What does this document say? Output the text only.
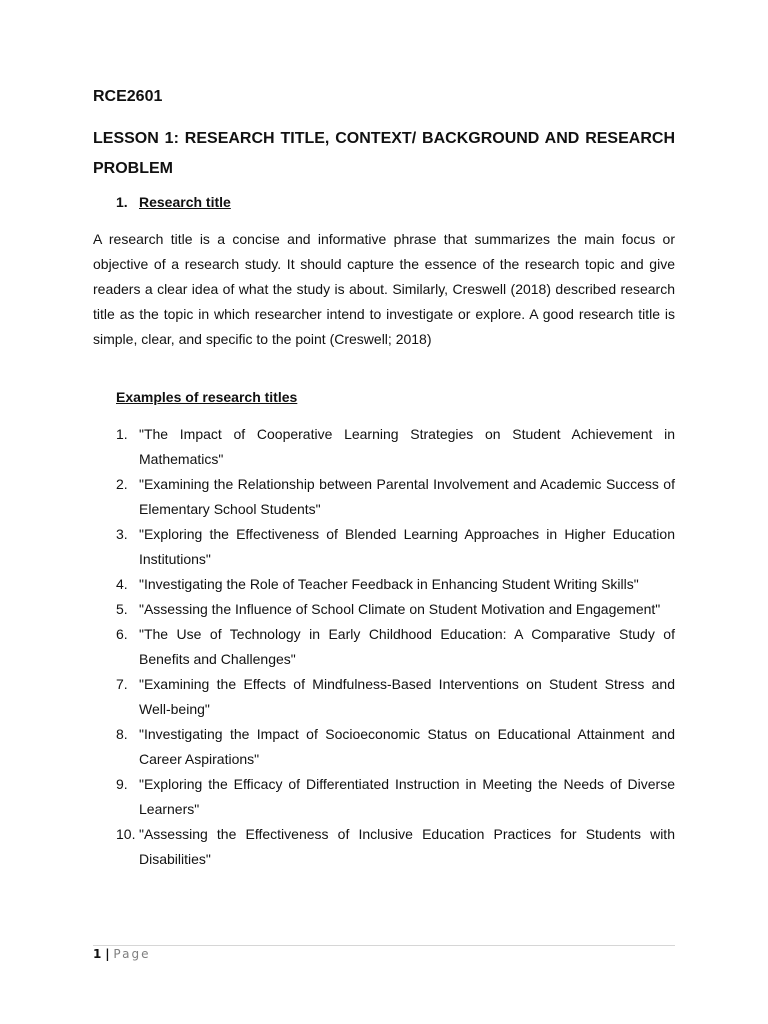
RCE2601
LESSON 1: RESEARCH TITLE, CONTEXT/ BACKGROUND AND RESEARCH PROBLEM
1. Research title

A research title is a concise and informative phrase that summarizes the main focus or objective of a research study. It should capture the essence of the research topic and give readers a clear idea of what the study is about. Similarly, Creswell (2018) described research title as the topic in which researcher intend to investigate or explore. A good research title is simple, clear, and specific to the point (Creswell; 2018)

Examples of research titles
1. "The Impact of Cooperative Learning Strategies on Student Achievement in Mathematics"
2. "Examining the Relationship between Parental Involvement and Academic Success of Elementary School Students"
3. "Exploring the Effectiveness of Blended Learning Approaches in Higher Education Institutions"
4. "Investigating the Role of Teacher Feedback in Enhancing Student Writing Skills"
5. "Assessing the Influence of School Climate on Student Motivation and Engagement"
6. "The Use of Technology in Early Childhood Education: A Comparative Study of Benefits and Challenges"
7. "Examining the Effects of Mindfulness-Based Interventions on Student Stress and Well-being"
8. "Investigating the Impact of Socioeconomic Status on Educational Attainment and Career Aspirations"
9. "Exploring the Efficacy of Differentiated Instruction in Meeting the Needs of Diverse Learners"
10. "Assessing the Effectiveness of Inclusive Education Practices for Students with Disabilities"

1 | Page
